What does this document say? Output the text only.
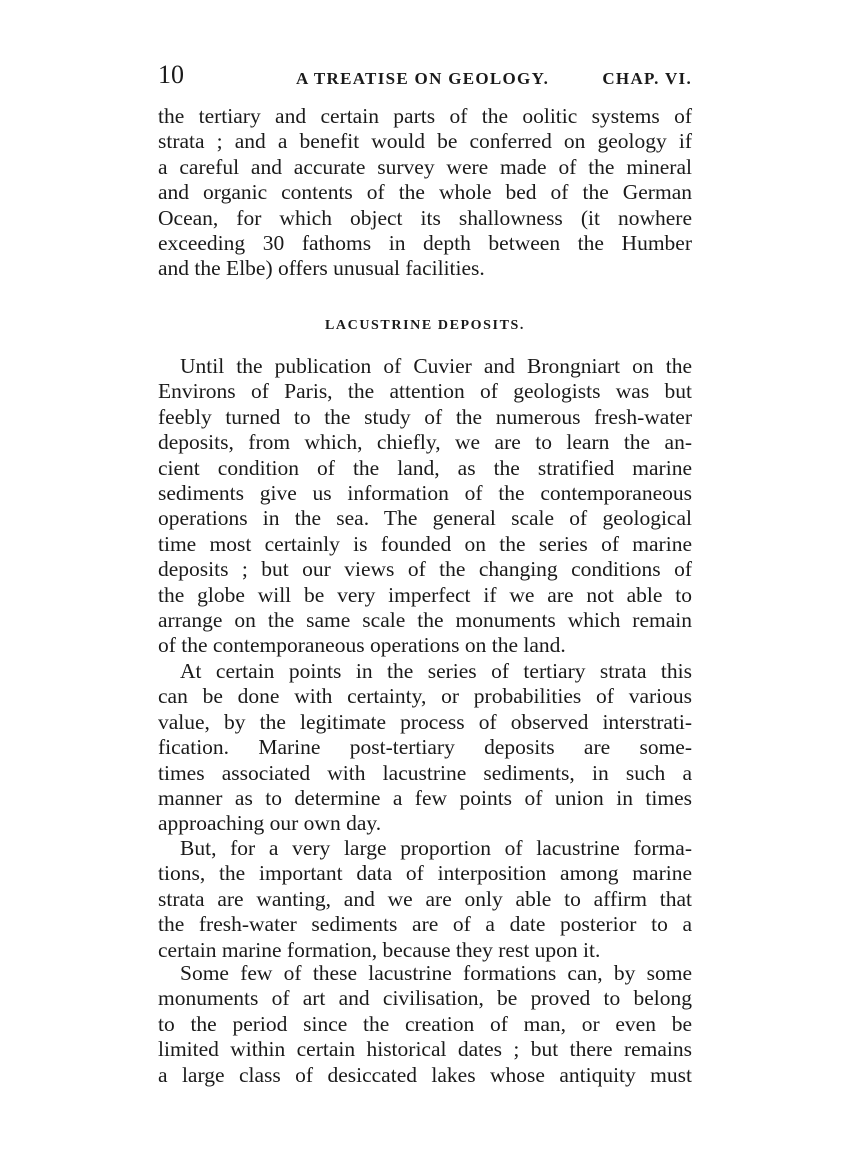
10	A TREATISE ON GEOLOGY.	CHAP. VI.
the tertiary and certain parts of the oolitic systems of
strata ; and a benefit would be conferred on geology if
a careful and accurate survey were made of the mineral
and organic contents of the whole bed of the German
Ocean, for which object its shallowness (it nowhere
exceeding 30 fathoms in depth between the Humber
and the Elbe) offers unusual facilities.
LACUSTRINE DEPOSITS.
Until the publication of Cuvier and Brongniart on the
Environs of Paris, the attention of geologists was but
feebly turned to the study of the numerous fresh-water
deposits, from which, chiefly, we are to learn the an-
cient condition of the land, as the stratified marine
sediments give us information of the contemporaneous
operations in the sea. The general scale of geological
time most certainly is founded on the series of marine
deposits ; but our views of the changing conditions of
the globe will be very imperfect if we are not able to
arrange on the same scale the monuments which remain
of the contemporaneous operations on the land.
At certain points in the series of tertiary strata this
can be done with certainty, or probabilities of various
value, by the legitimate process of observed interstrati-
fication. Marine post-tertiary deposits are some-
times associated with lacustrine sediments, in such a
manner as to determine a few points of union in times
approaching our own day.
But, for a very large proportion of lacustrine forma-
tions, the important data of interposition among marine
strata are wanting, and we are only able to affirm that
the fresh-water sediments are of a date posterior to a
certain marine formation, because they rest upon it.
Some few of these lacustrine formations can, by some
monuments of art and civilisation, be proved to belong
to the period since the creation of man, or even be
limited within certain historical dates ; but there remains
a large class of desiccated lakes whose antiquity must
